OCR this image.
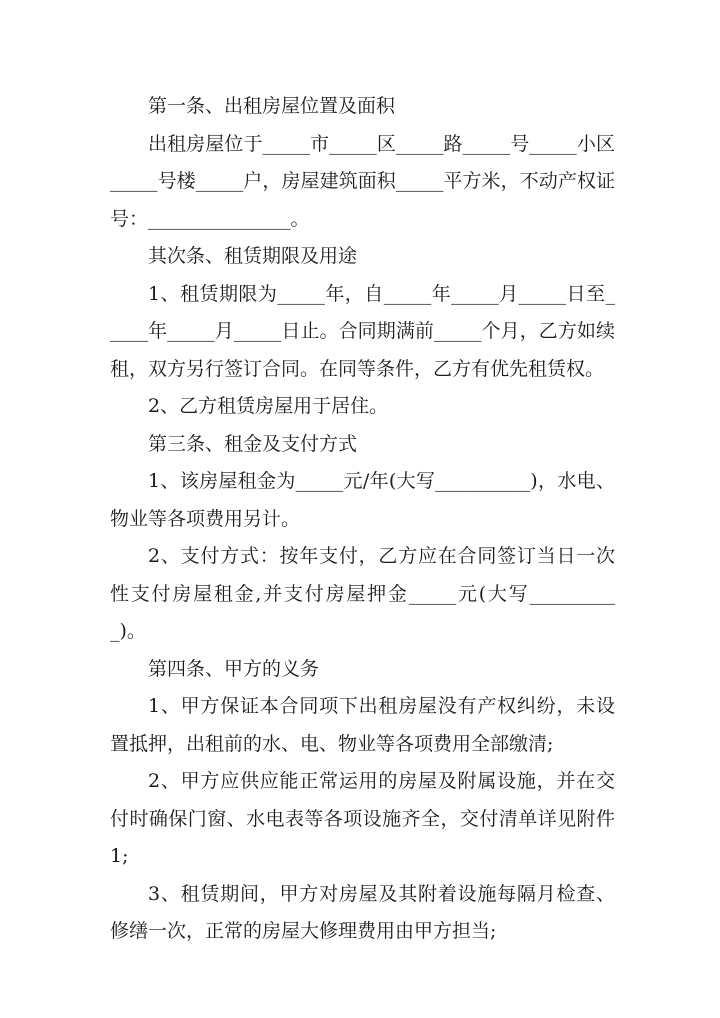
第一条、出租房屋位置及面积

出租房屋位于_____市_____区_____路_____号_____小区_____号楼_____户，房屋建筑面积_____平方米，不动产权证号：_______________。

其次条、租赁期限及用途

1、租赁期限为_____年，自_____年_____月_____日至_____年_____月_____日止。合同期满前_____个月，乙方如续租，双方另行签订合同。在同等条件，乙方有优先租赁权。

2、乙方租赁房屋用于居住。

第三条、租金及支付方式

1、该房屋租金为_____元/年(大写__________)，水电、物业等各项费用另计。

2、支付方式：按年支付，乙方应在合同签订当日一次性支付房屋租金,并支付房屋押金_____元(大写__________)。

第四条、甲方的义务

1、甲方保证本合同项下出租房屋没有产权纠纷，未设置抵押，出租前的水、电、物业等各项费用全部缴清;

2、甲方应供应能正常运用的房屋及附属设施，并在交付时确保门窗、水电表等各项设施齐全，交付清单详见附件1;

3、租赁期间，甲方对房屋及其附着设施每隔月检查、修缮一次，正常的房屋大修理费用由甲方担当;
